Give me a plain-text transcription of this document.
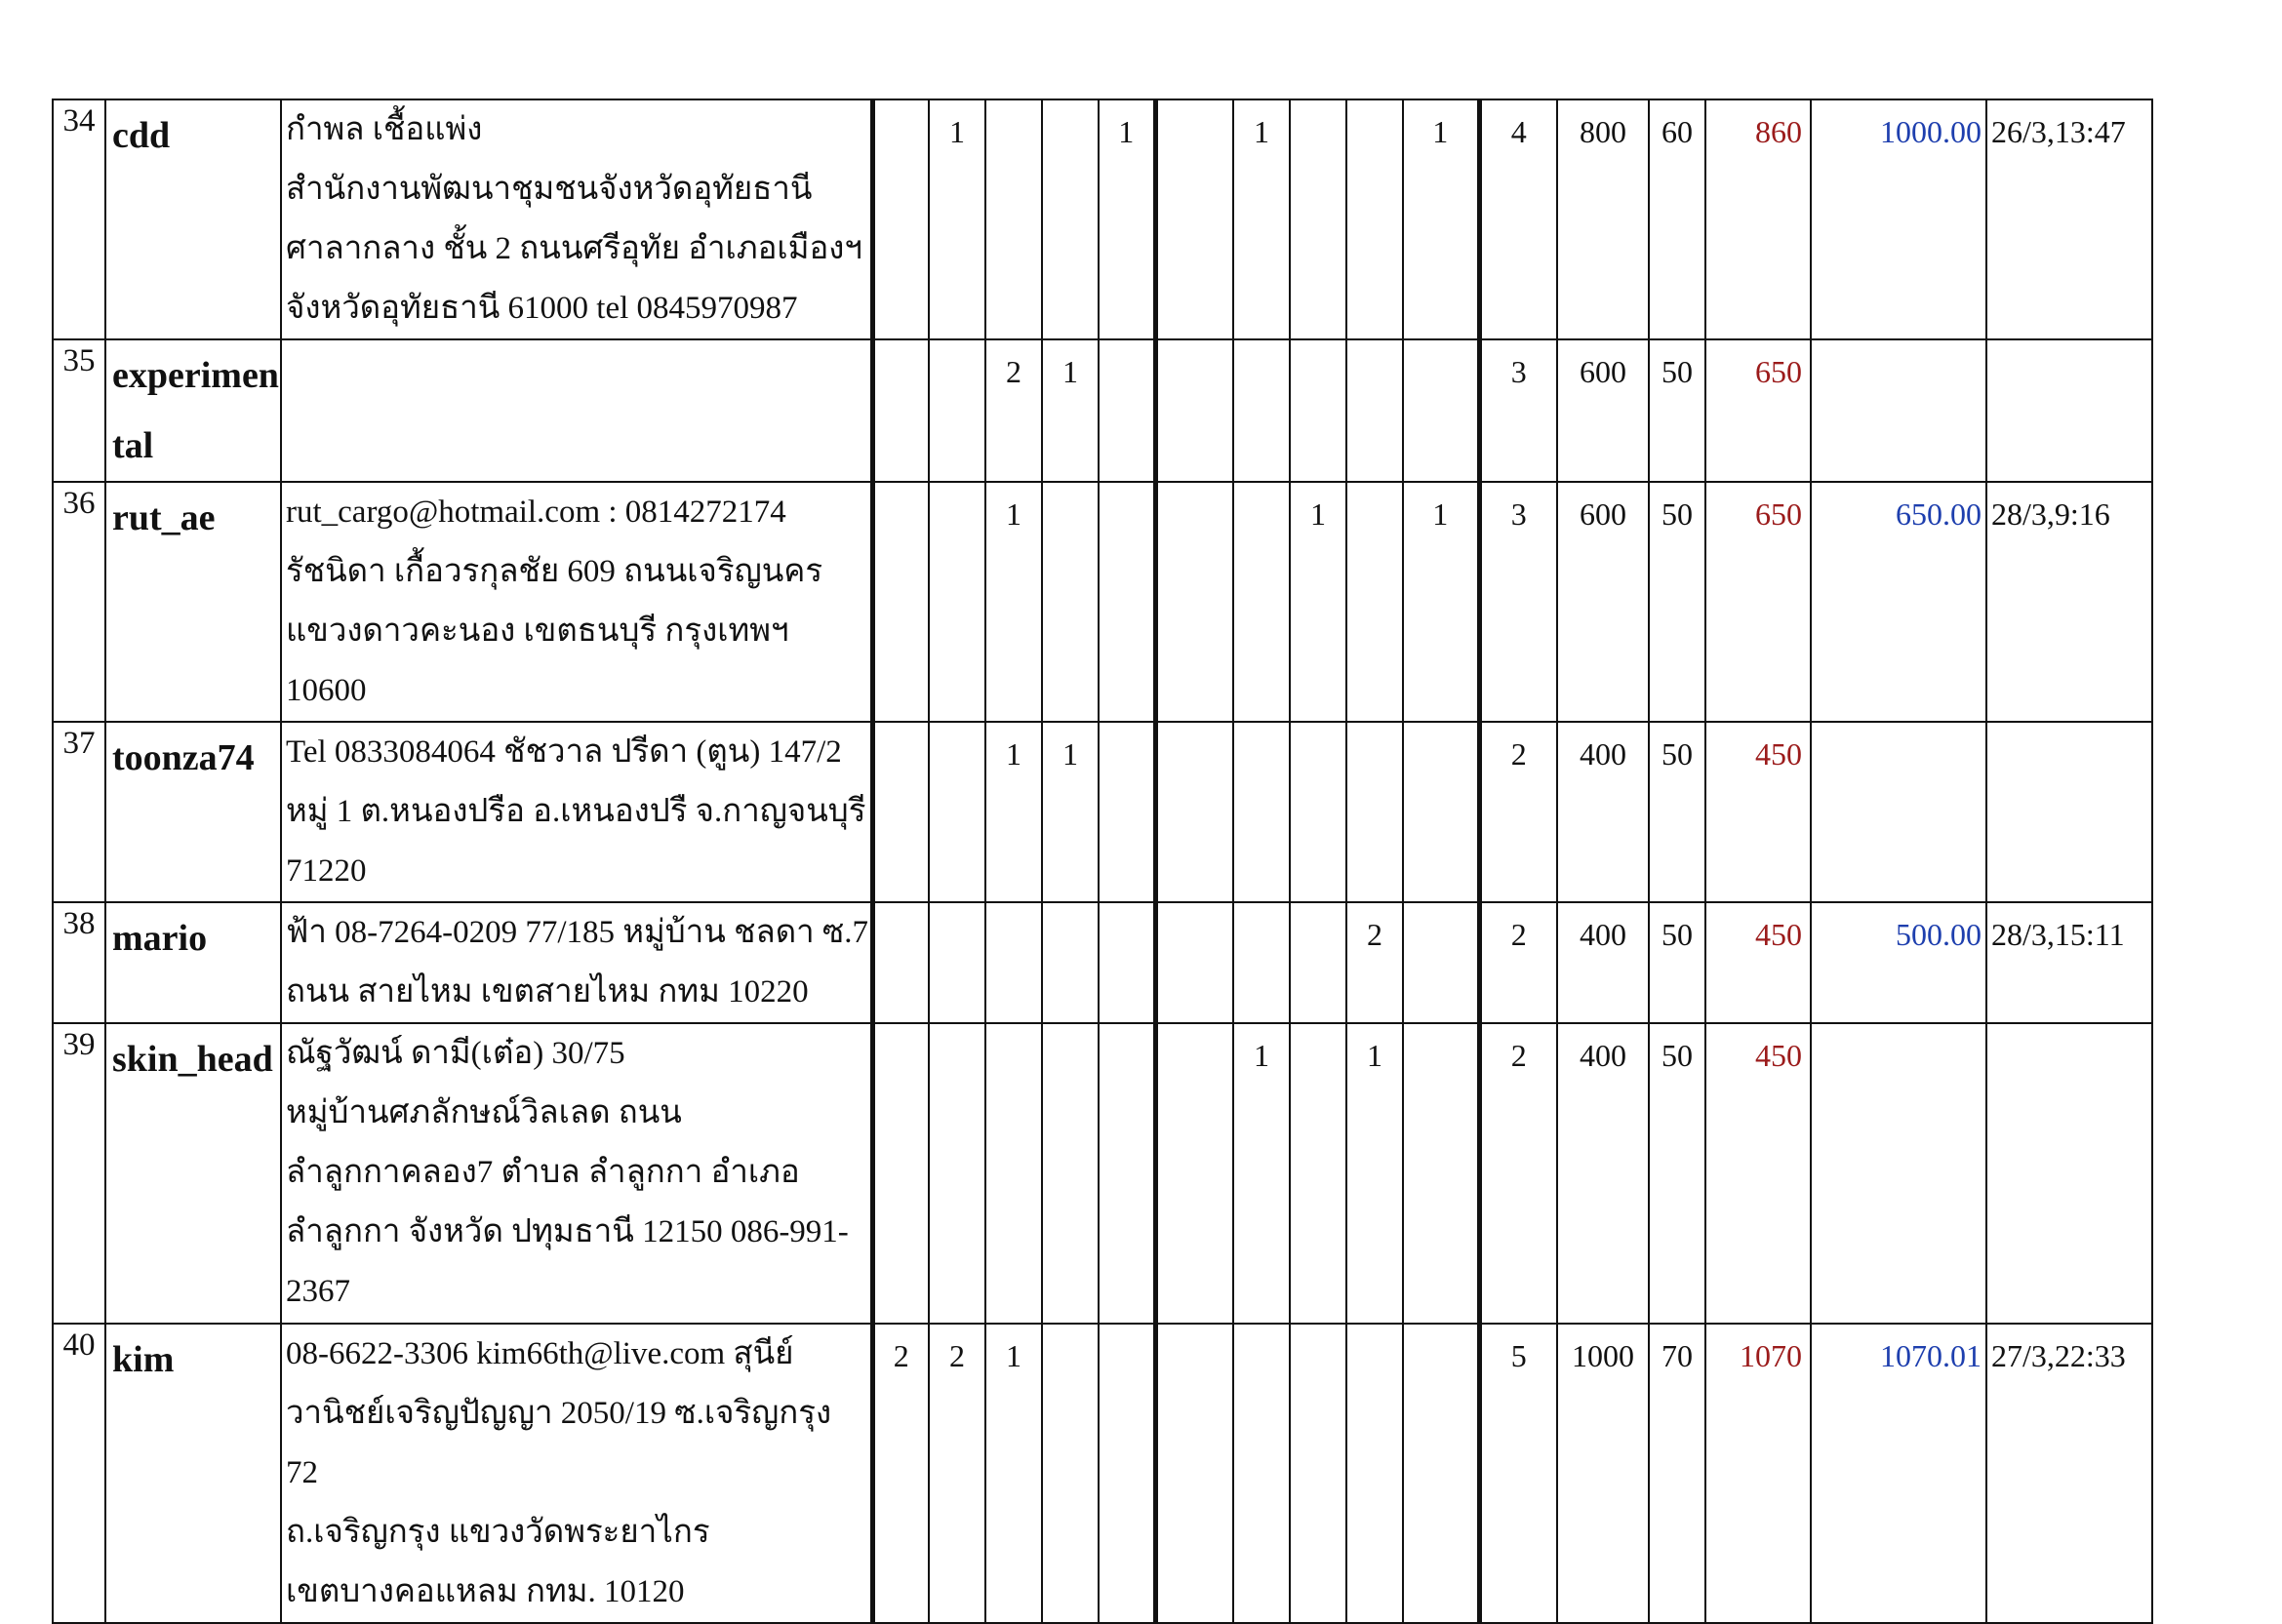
34	cdd	กำพล เชื้อแพ่ง
สำนักงานพัฒนาชุมชนจังหวัดอุทัยธานี
ศาลากลาง ชั้น 2 ถนนศรีอุทัย อำเภอเมืองฯ
จังหวัดอุทัยธานี 61000 tel 0845970987		1			1		1			1	4	800	60	860	1000.00	26/3,13:47
35	experimental				2	1							3	600	50	650		
36	rut_ae	rut_cargo@hotmail.com : 0814272174
รัชนิดา เกื้อวรกุลชัย 609 ถนนเจริญนคร
แขวงดาวคะนอง เขตธนบุรี กรุงเทพฯ 10600			1					1		1	3	600	50	650	650.00	28/3,9:16
37	toonza74	Tel 0833084064 ชัชวาล ปรีดา (ตูน) 147/2
หมู่ 1 ต.หนองปรือ อ.เหนองปรื จ.กาญจนบุรี
71220			1	1							2	400	50	450		
38	mario	ฟ้า 08-7264-0209 77/185 หมู่บ้าน ชลดา ซ.7
ถนน สายไหม เขตสายไหม กทม 10220									2		2	400	50	450	500.00	28/3,15:11
39	skin_head	ณัฐวัฒน์ ดามี(เต๋อ) 30/75
หมู่บ้านศภลักษณ์วิลเลด ถนน
ลำลูกกาคลอง7 ตำบล ลำลูกกา อำเภอ
ลำลูกกา จังหวัด ปทุมธานี 12150 086-991-
2367							1		1		2	400	50	450		
40	kim	08-6622-3306 kim66th@live.com สุนีย์
วานิชย์เจริญปัญญา 2050/19 ซ.เจริญกรุง 72
ถ.เจริญกรุง แขวงวัดพระยาไกร
เขตบางคอแหลม กทม. 10120	2	2	1								5	1000	70	1070	1070.01	27/3,22:33
